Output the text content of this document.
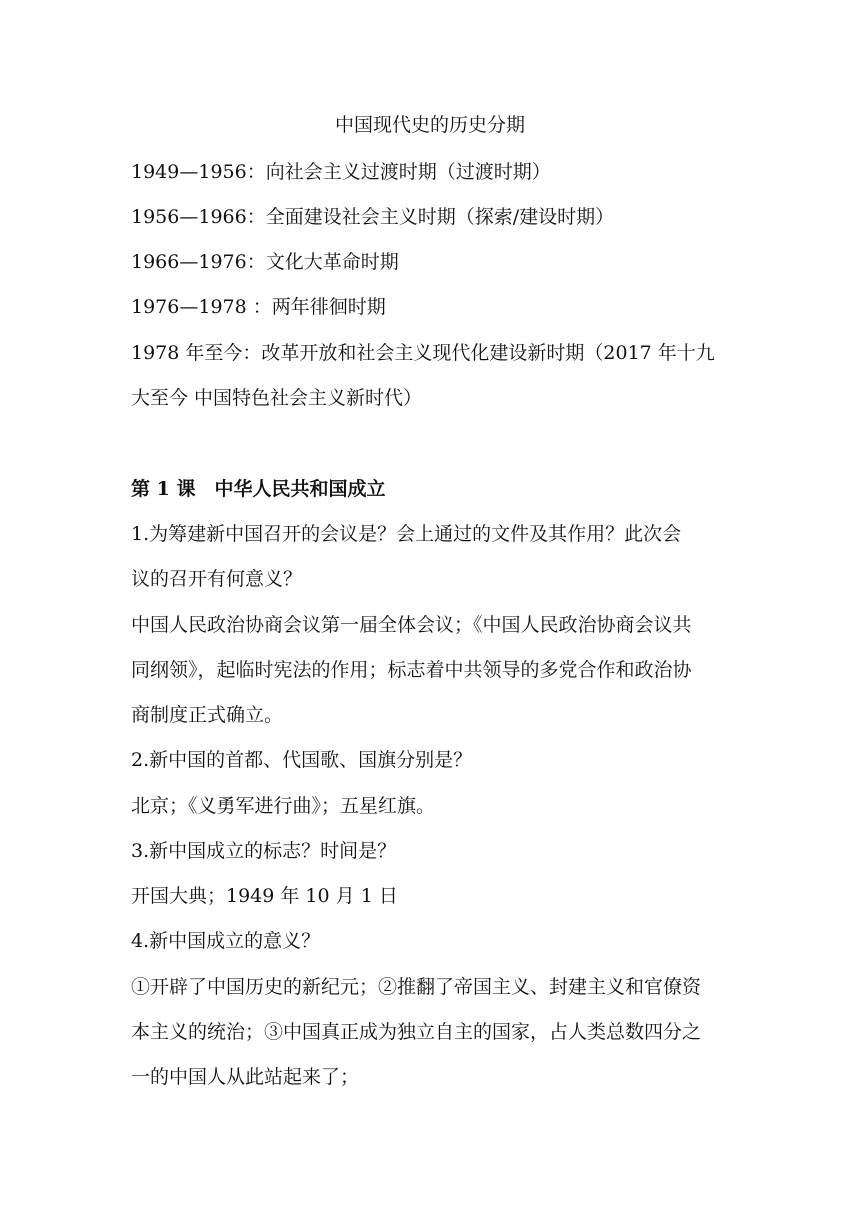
中国现代史的历史分期
1949—1956：向社会主义过渡时期（过渡时期）
1956—1966：全面建设社会主义时期（探索/建设时期）
1966—1976：文化大革命时期
1976—1978 ：两年徘徊时期
1978 年至今：改革开放和社会主义现代化建设新时期（2017 年十九
大至今 中国特色社会主义新时代）
第 1 课　中华人民共和国成立
1.为筹建新中国召开的会议是？会上通过的文件及其作用？此次会
议的召开有何意义？
中国人民政治协商会议第一届全体会议；《中国人民政治协商会议共
同纲领》，起临时宪法的作用；标志着中共领导的多党合作和政治协
商制度正式确立。
2.新中国的首都、代国歌、国旗分别是？
北京；《义勇军进行曲》；五星红旗。
3.新中国成立的标志？时间是？
开国大典；1949 年 10 月 1 日
4.新中国成立的意义？
①开辟了中国历史的新纪元；②推翻了帝国主义、封建主义和官僚资
本主义的统治；③中国真正成为独立自主的国家，占人类总数四分之
一的中国人从此站起来了；
